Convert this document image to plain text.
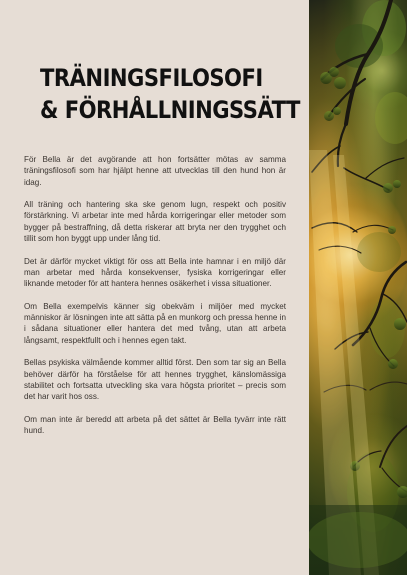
TRÄNINGSFILOSOFI
& FÖRHÅLLNINGSSÄTT

För Bella är det avgörande att hon fortsätter mötas av samma träningsfilosofi som har hjälpt henne att utvecklas till den hund hon är idag.

All träning och hantering ska ske genom lugn, respekt och positiv förstärkning. Vi arbetar inte med hårda korrigeringar eller metoder som bygger på bestraffning, då detta riskerar att bryta ner den trygghet och tillit som hon byggt upp under lång tid.

Det är därför mycket viktigt för oss att Bella inte hamnar i en miljö där man arbetar med hårda konsekvenser, fysiska korrigeringar eller liknande metoder för att hantera hennes osäkerhet i vissa situationer.

Om Bella exempelvis känner sig obekväm i miljöer med mycket människor är lösningen inte att sätta på en munkorg och pressa henne in i sådana situationer eller hantera det med tvång, utan att arbeta långsamt, respektfullt och i hennes egen takt.

Bellas psykiska välmående kommer alltid först. Den som tar sig an Bella behöver därför ha förståelse för att hennes trygghet, känslomässiga stabilitet och fortsatta utveckling ska vara högsta prioritet – precis som det har varit hos oss.

Om man inte är beredd att arbeta på det sättet är Bella tyvärr inte rätt hund.
